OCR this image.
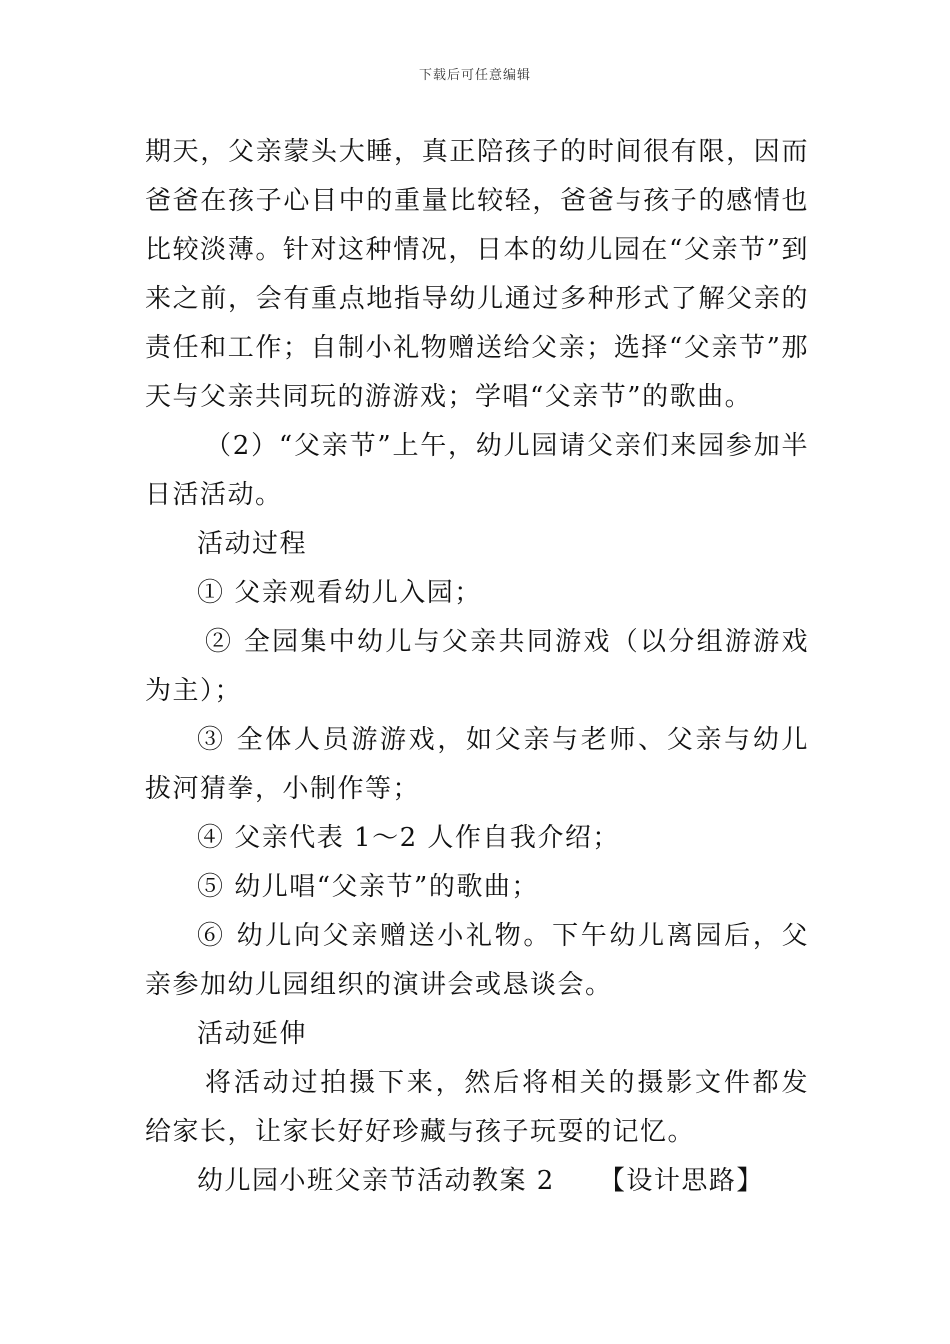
下载后可任意编辑

期天，父亲蒙头大睡，真正陪孩子的时间很有限，因而爸爸在孩子心目中的重量比较轻，爸爸与孩子的感情也比较淡薄。针对这种情况，日本的幼儿园在“父亲节”到来之前，会有重点地指导幼儿通过多种形式了解父亲的责任和工作；自制小礼物赠送给父亲；选择“父亲节”那天与父亲共同玩的游游戏；学唱“父亲节”的歌曲。

（2）“父亲节”上午，幼儿园请父亲们来园参加半日活活动。

活动过程

① 父亲观看幼儿入园；

② 全园集中幼儿与父亲共同游戏（以分组游游戏为主）；

③ 全体人员游游戏，如父亲与老师、父亲与幼儿拔河猜拳，小制作等；

④ 父亲代表 1～2 人作自我介绍；

⑤ 幼儿唱“父亲节”的歌曲；

⑥ 幼儿向父亲赠送小礼物。下午幼儿离园后，父亲参加幼儿园组织的演讲会或恳谈会。

活动延伸

将活动过拍摄下来，然后将相关的摄影文件都发给家长，让家长好好珍藏与孩子玩耍的记忆。

幼儿园小班父亲节活动教案 2 【设计思路】
